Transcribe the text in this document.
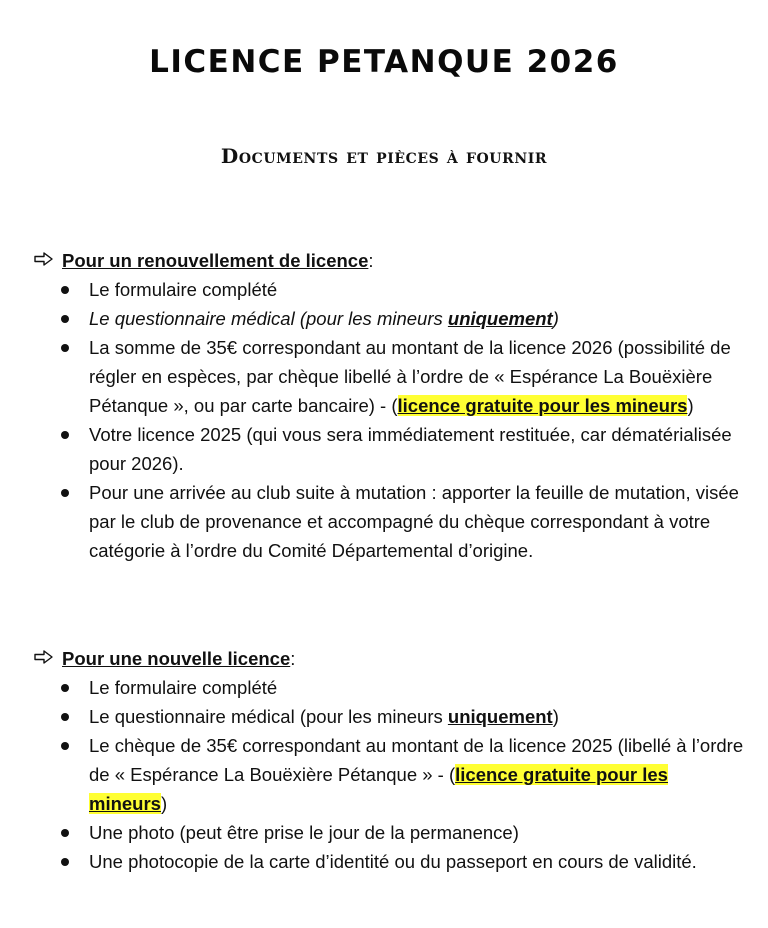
LICENCE PETANQUE 2026
Documents et pièces à fournir
Pour un renouvellement de licence :
Le formulaire complété
Le questionnaire médical (pour les mineurs uniquement)
La somme de 35€ correspondant au montant de la licence 2026 (possibilité de régler en espèces, par chèque libellé à l’ordre de « Espérance La Bouëxière Pétanque », ou par carte bancaire) - (licence gratuite pour les mineurs)
Votre licence 2025 (qui vous sera immédiatement restituée, car dématérialisée pour 2026).
Pour une arrivée au club suite à mutation : apporter la feuille de mutation, visée par le club de provenance et accompagné du chèque correspondant à votre catégorie à l’ordre du Comité Départemental d’origine.
Pour une nouvelle licence :
Le formulaire complété
Le questionnaire médical (pour les mineurs uniquement)
Le chèque de 35€ correspondant au montant de la licence 2025 (libellé à l’ordre de « Espérance La Bouëxière Pétanque » - (licence gratuite pour les mineurs)
Une photo (peut être prise le jour de la permanence)
Une photocopie de la carte d’identité ou du passeport en cours de validité.
